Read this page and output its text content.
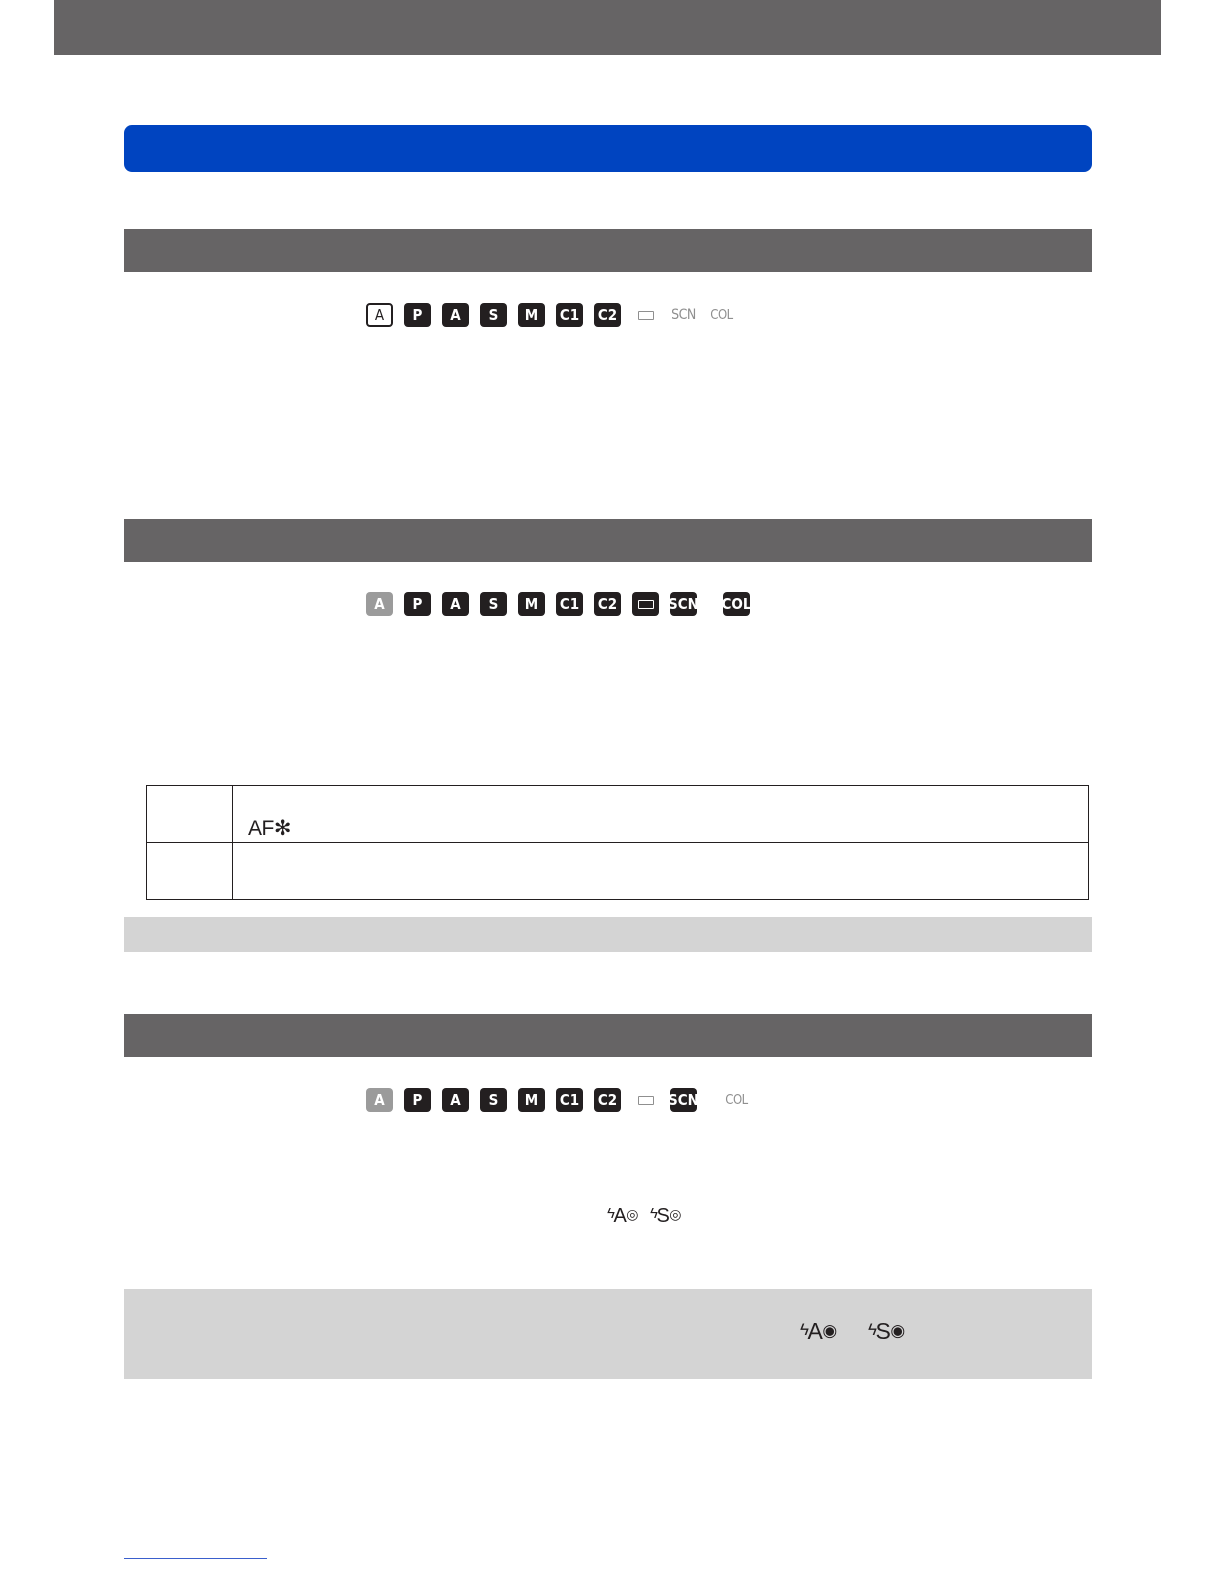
A	P	A	S	M	C1 C2	SCN COL
A	P	A	S	M	C1 C2	SCN COL

AF✻
A	P	A	S	M	C1 C2	SCN COL
$^ϟ$A◎ $^ϟ$S◎
ϟA◉ ϟS◉
